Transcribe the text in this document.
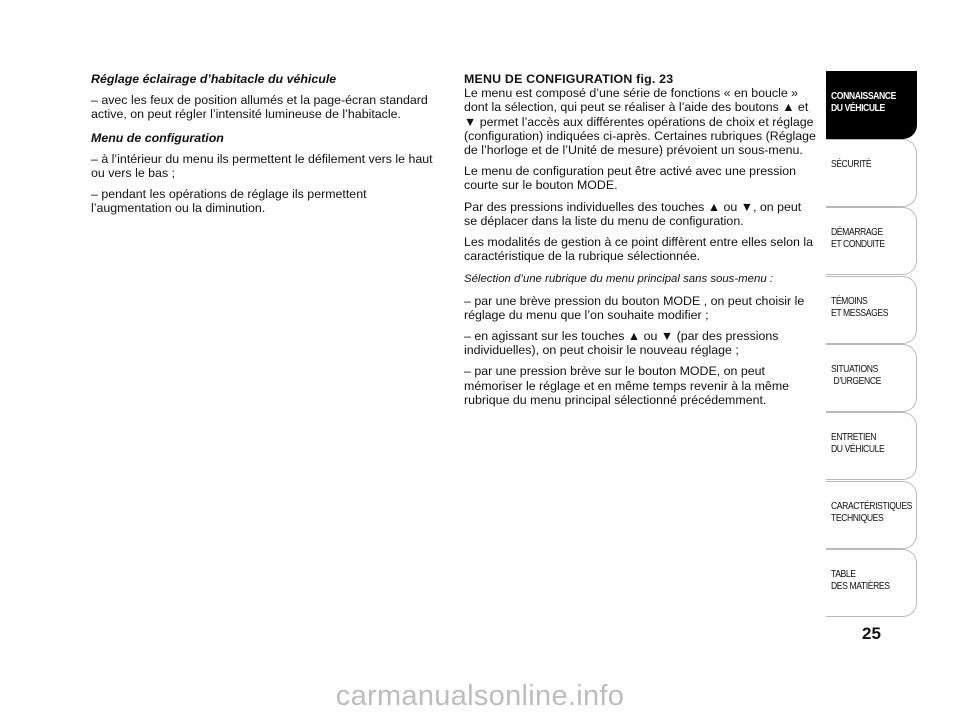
Réglage éclairage d’habitacle du véhicule

– avec les feux de position allumés et la page-écran standard active, on peut régler l’intensité lumineuse de l’habitacle.

Menu de configuration

– à l’intérieur du menu ils permettent le défilement vers le haut ou vers le bas ;

– pendant les opérations de réglage ils permettent l’augmentation ou la diminution.

MENU DE CONFIGURATION fig. 23

Le menu est composé d’une série de fonctions « en boucle » dont la sélection, qui peut se réaliser à l’aide des boutons ▲ et ▼ permet l’accès aux différentes opérations de choix et réglage (configuration) indiquées ci-après. Certaines rubriques (Réglage de l’horloge et de l’Unité de mesure) prévoient un sous-menu.

Le menu de configuration peut être activé avec une pression courte sur le bouton MODE.

Par des pressions individuelles des touches ▲ ou ▼, on peut se déplacer dans la liste du menu de configuration.

Les modalités de gestion à ce point diffèrent entre elles selon la caractéristique de la rubrique sélectionnée.

Sélection d’une rubrique du menu principal sans sous-menu :

– par une brève pression du bouton MODE , on peut choisir le réglage du menu que l’on souhaite modifier ;

– en agissant sur les touches ▲ ou ▼ (par des pressions individuelles), on peut choisir le nouveau réglage ;

– par une pression brève sur le bouton MODE, on peut mémoriser le réglage et en même temps revenir à la même rubrique du menu principal sélectionné précédemment.

CONNAISSANCE
DU VÉHICULE
SÉCURITÉ
DÉMARRAGE
ET CONDUITE
TÉMOINS
ET MESSAGES
SITUATIONS
D’URGENCE
ENTRETIEN
DU VÉHICULE
CARACTÉRISTIQUES
TECHNIQUES
TABLE
DES MATIÈRES
25
carmanualsonline.info
